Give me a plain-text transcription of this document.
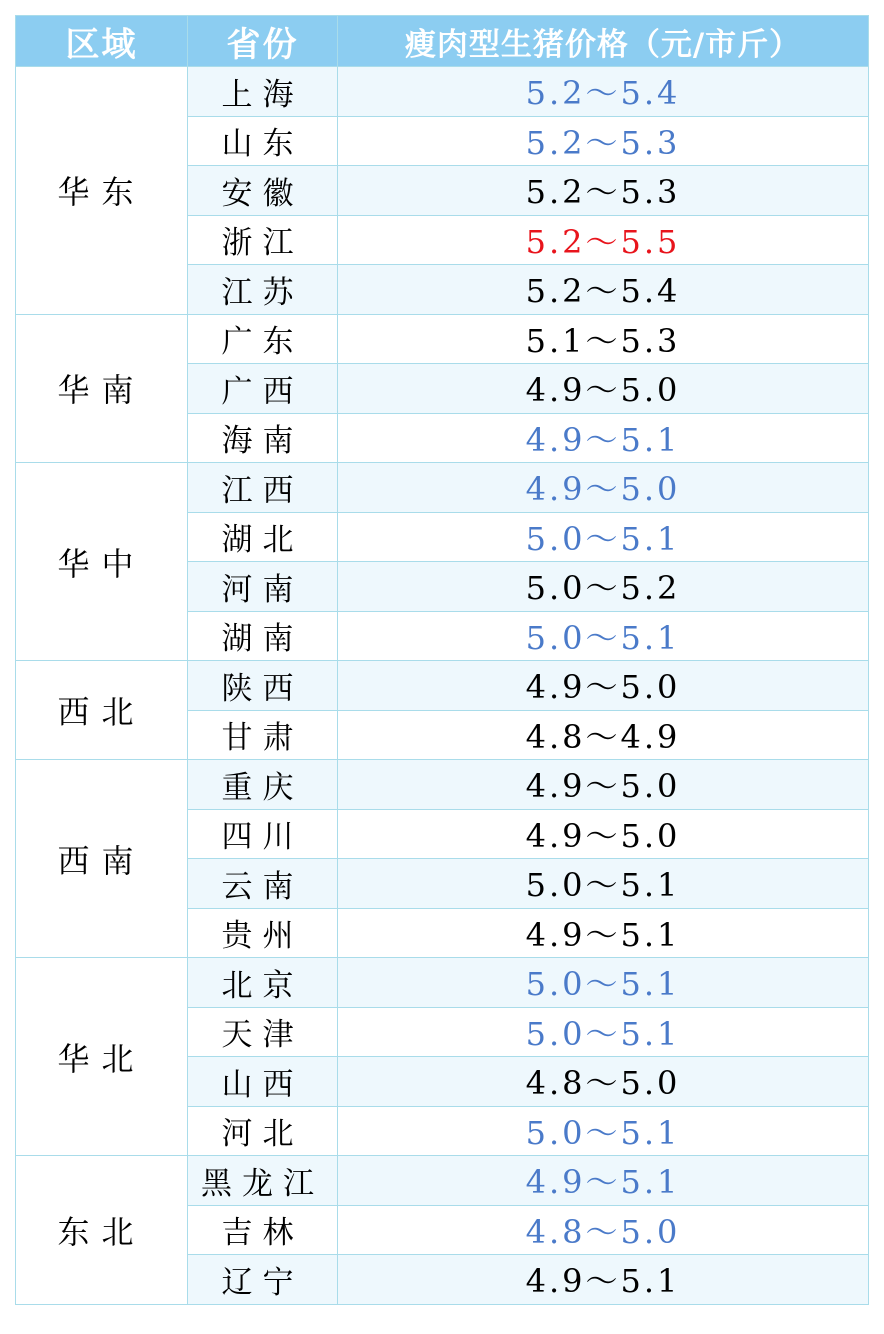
区域	省份	瘦肉型生猪价格（元/市斤）
华东	上海	5.2～5.4
	山东	5.2～5.3
	安徽	5.2～5.3
	浙江	5.2～5.5
	江苏	5.2～5.4
华南	广东	5.1～5.3
	广西	4.9～5.0
	海南	4.9～5.1
华中	江西	4.9～5.0
	湖北	5.0～5.1
	河南	5.0～5.2
	湖南	5.0～5.1
西北	陕西	4.9～5.0
	甘肃	4.8～4.9
西南	重庆	4.9～5.0
	四川	4.9～5.0
	云南	5.0～5.1
	贵州	4.9～5.1
华北	北京	5.0～5.1
	天津	5.0～5.1
	山西	4.8～5.0
	河北	5.0～5.1
东北	黑龙江	4.9～5.1
	吉林	4.8～5.0
	辽宁	4.9～5.1
